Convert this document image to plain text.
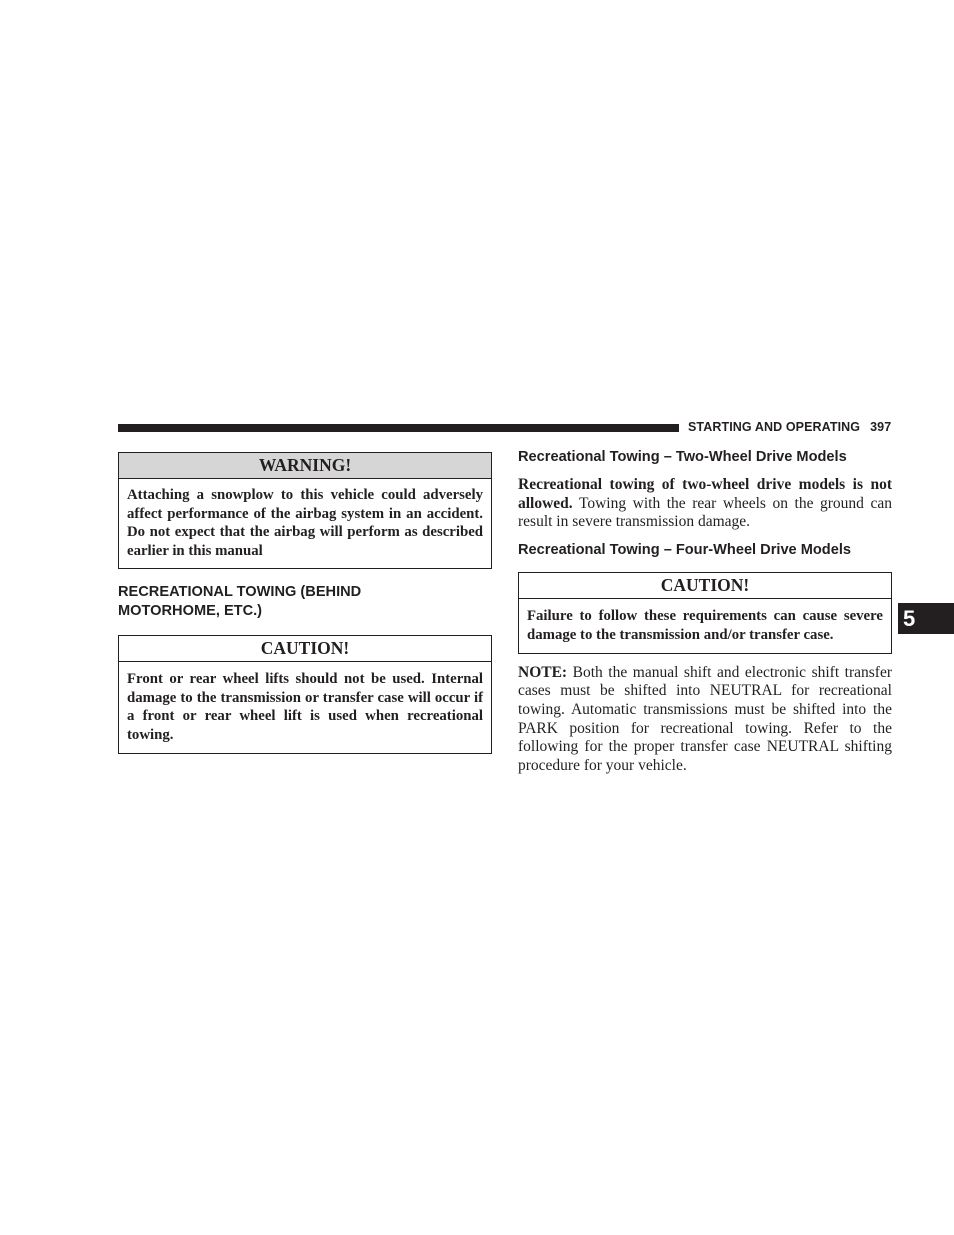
STARTING AND OPERATING 397
WARNING!
Attaching a snowplow to this vehicle could adversely affect performance of the airbag system in an accident. Do not expect that the airbag will perform as described earlier in this manual
RECREATIONAL TOWING (BEHIND MOTORHOME, ETC.)
CAUTION!
Front or rear wheel lifts should not be used. Internal damage to the transmission or transfer case will occur if a front or rear wheel lift is used when recreational towing.
Recreational Towing – Two-Wheel Drive Models

Recreational towing of two-wheel drive models is not allowed. Towing with the rear wheels on the ground can result in severe transmission damage.

Recreational Towing – Four-Wheel Drive Models
CAUTION!
Failure to follow these requirements can cause severe damage to the transmission and/or transfer case.

NOTE: Both the manual shift and electronic shift transfer cases must be shifted into NEUTRAL for recreational towing. Automatic transmissions must be shifted into the PARK position for recreational towing. Refer to the following for the proper transfer case NEUTRAL shifting procedure for your vehicle.

5
